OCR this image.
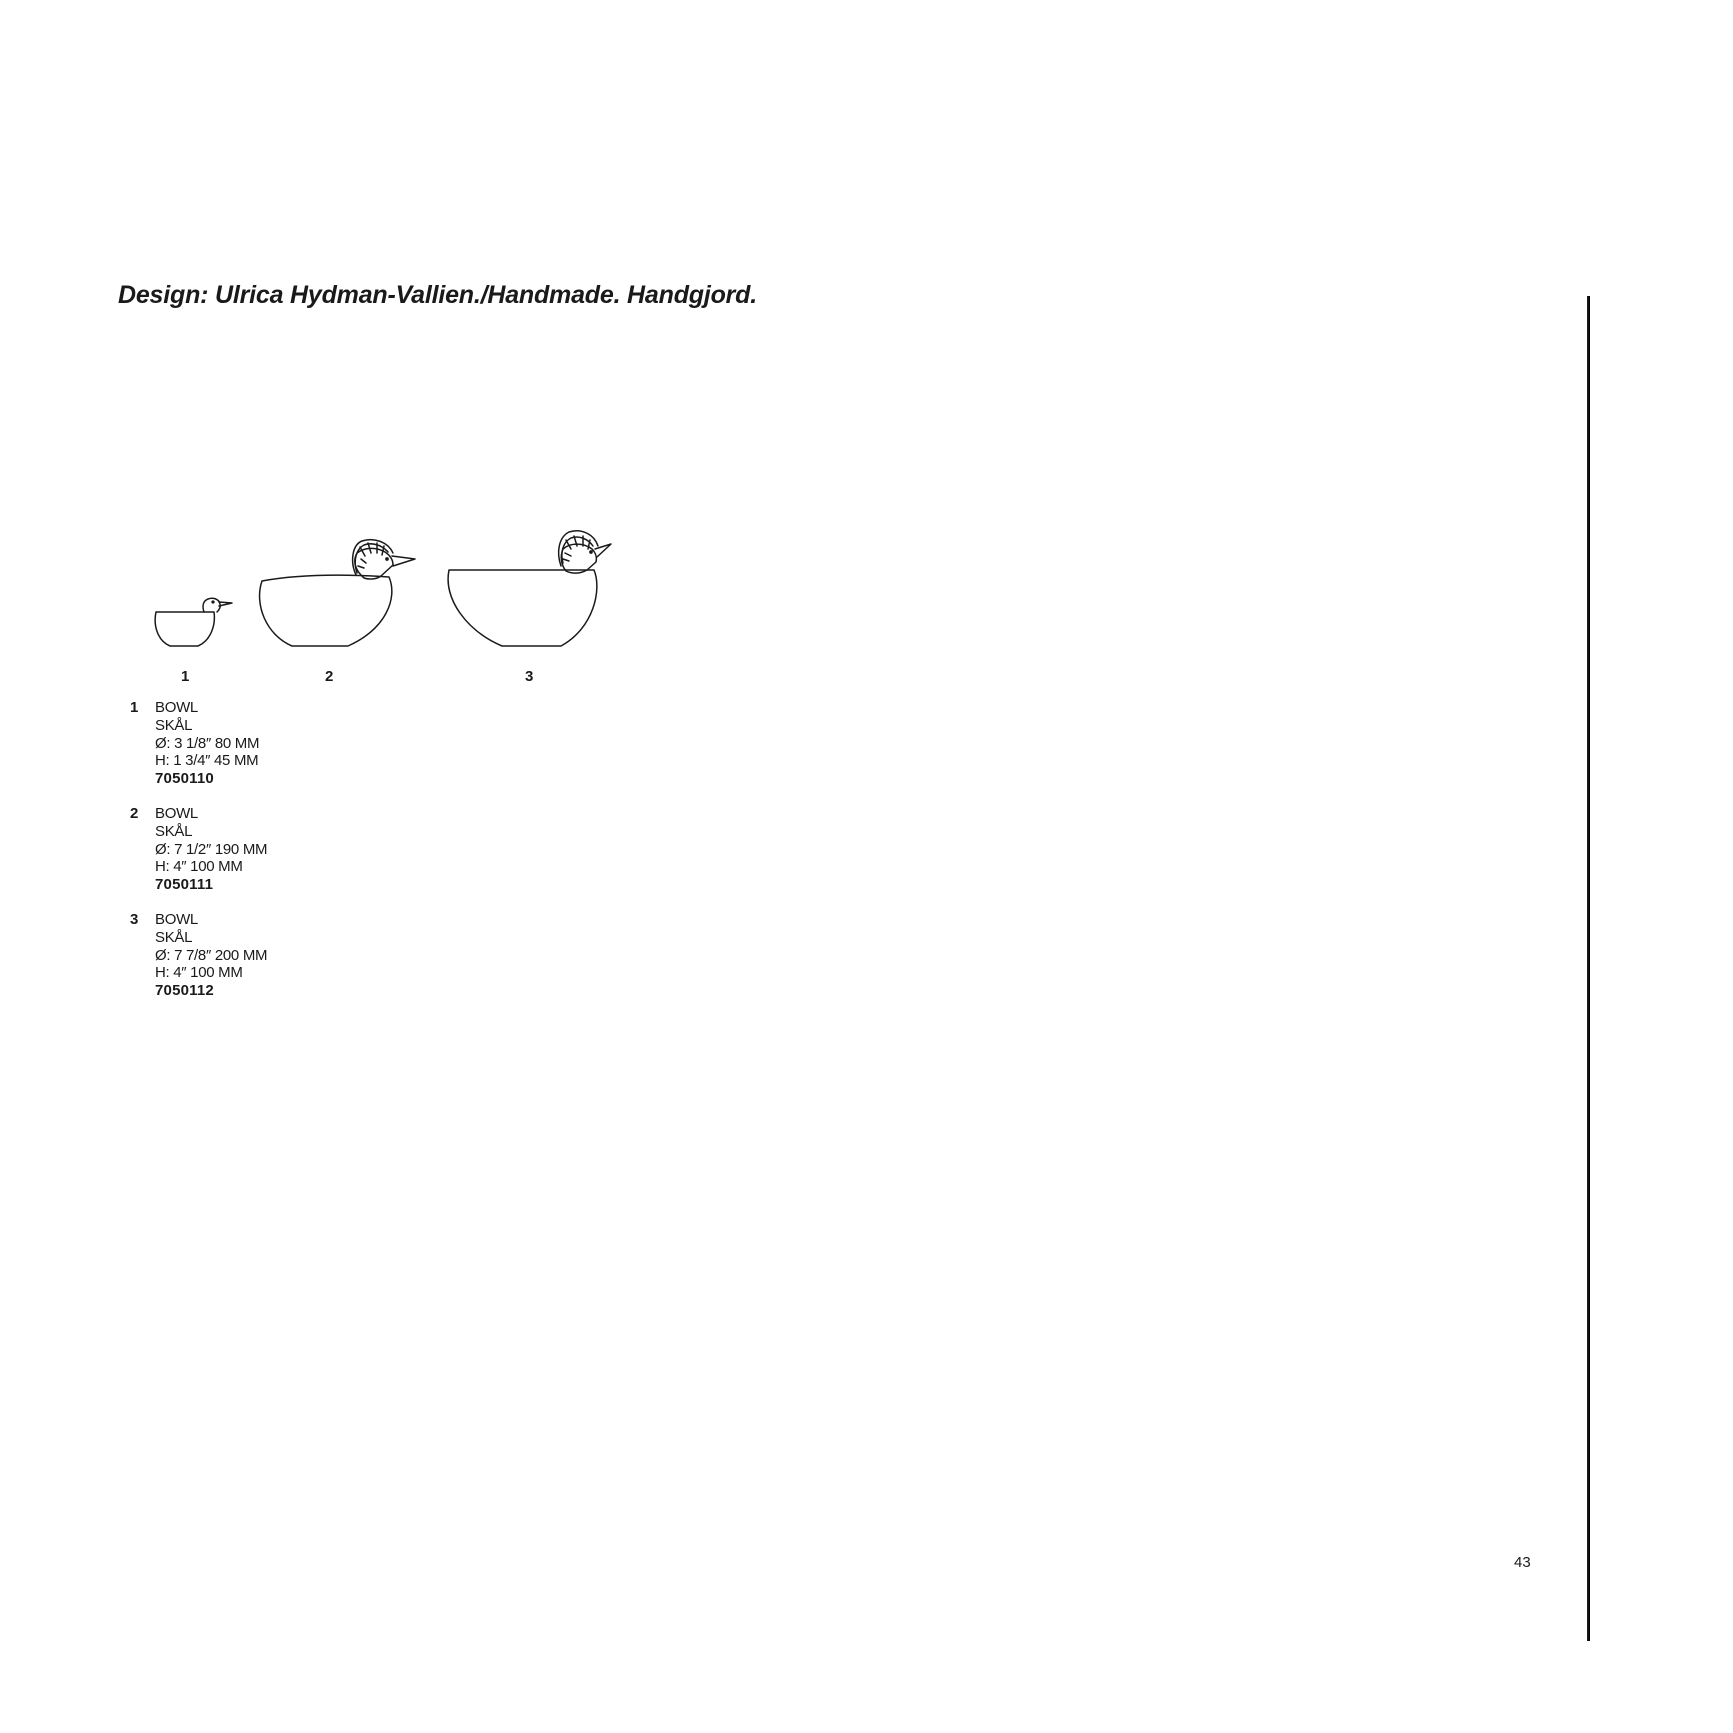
Design: Ulrica Hydman-Vallien./Handmade. Handgjord.
1	2	3
1 BOWL
SKÅL
Ø: 3 1/8″ 80 MM
H: 1 3/4″ 45 MM
7050110
2 BOWL
SKÅL
Ø: 7 1/2″ 190 MM
H: 4″ 100 MM
7050111
3 BOWL
SKÅL
Ø: 7 7/8″ 200 MM
H: 4″ 100 MM
7050112
43
